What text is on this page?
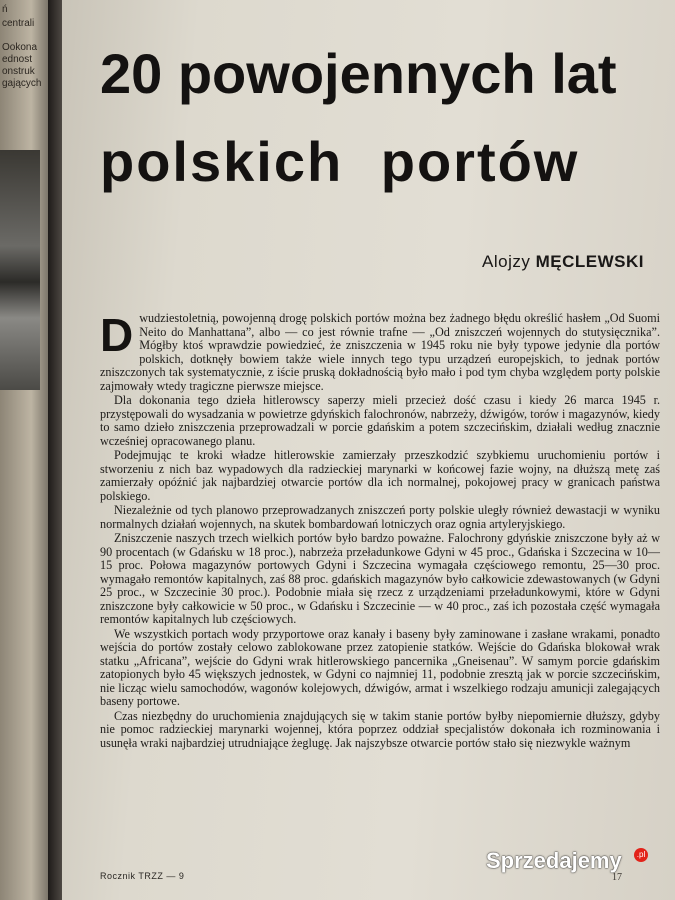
ń
centrali
Ookona
ednost
onstruk
gających 20 powojennych lat
polskich portów
Alojzy MĘCLEWSKI

Dwudziestoletnią, powojenną drogę polskich portów można bez żadnego błędu określić hasłem „Od Suomi Neito do Manhattana”, albo — co jest równie trafne — „Od zniszczeń wojennych do stutysięcznika”. Mógłby ktoś wprawdzie powiedzieć, że zniszczenia w 1945 roku nie były typowe jedynie dla portów polskich, dotknęły bowiem także wiele innych tego typu urządzeń europejskich, to jednak portów zniszczonych tak systematycznie, z iście pruską dokładnością było mało i pod tym chyba względem porty polskie zajmowały wtedy tragiczne pierwsze miejsce.

Dla dokonania tego dzieła hitlerowscy saperzy mieli przecież dość czasu i kiedy 26 marca 1945 r. przystępowali do wysadzania w powietrze gdyńskich falochronów, nabrzeży, dźwigów, torów i magazynów, kiedy to samo dzieło zniszczenia przeprowadzali w porcie gdańskim a potem szczecińskim, działali według znacznie wcześniej opracowanego planu.

Podejmując te kroki władze hitlerowskie zamierzały przeszkodzić szybkiemu uruchomieniu portów i stworzeniu z nich baz wypadowych dla radzieckiej marynarki w końcowej fazie wojny, na dłuższą metę zaś zamierzały opóźnić jak najbardziej otwarcie portów dla ich normalnej, pokojowej pracy w granicach państwa polskiego.

Niezależnie od tych planowo przeprowadzanych zniszczeń porty polskie uległy również dewastacji w wyniku normalnych działań wojennych, na skutek bombardowań lotniczych oraz ognia artyleryjskiego.

Zniszczenie naszych trzech wielkich portów było bardzo poważne. Falochrony gdyńskie zniszczone były aż w 90 procentach (w Gdańsku w 18 proc.), nabrzeża przeładunkowe Gdyni w 45 proc., Gdańska i Szczecina w 10—15 proc. Połowa magazynów portowych Gdyni i Szczecina wymagała częściowego remontu, 25—30 proc. wymagało remontów kapitalnych, zaś 88 proc. gdańskich magazynów było całkowicie zdewastowanych (w Gdyni 25 proc., w Szczecinie 30 proc.). Podobnie miała się rzecz z urządzeniami przeładunkowymi, które w Gdyni zniszczone były całkowicie w 50 proc., w Gdańsku i Szczecinie — w 40 proc., zaś ich pozostała część wymagała remontów kapitalnych lub częściowych.

We wszystkich portach wody przyportowe oraz kanały i baseny były zaminowane i zasłane wrakami, ponadto wejścia do portów zostały celowo zablokowane przez zatopienie statków. Wejście do Gdańska blokował wrak statku „Africana”, wejście do Gdyni wrak hitlerowskiego pancernika „Gneisenau”. W samym porcie gdańskim zatopionych było 45 większych jednostek, w Gdyni co najmniej 11, podobnie zresztą jak w porcie szczecińskim, nie licząc wielu samochodów, wagonów kolejowych, dźwigów, armat i wszelkiego rodzaju amunicji zalegających baseny portowe.

Czas niezbędny do uruchomienia znajdujących się w takim stanie portów byłby niepomiernie dłuższy, gdyby nie pomoc radzieckiej marynarki wojennej, która poprzez oddział specjalistów dokonała ich rozminowania i usunęła wraki najbardziej utrudniające żeglugę. Jak najszybsze otwarcie portów stało się niezwykle ważnym

Rocznik TRZZ — 9	17
Sprzedajemy	.pl
